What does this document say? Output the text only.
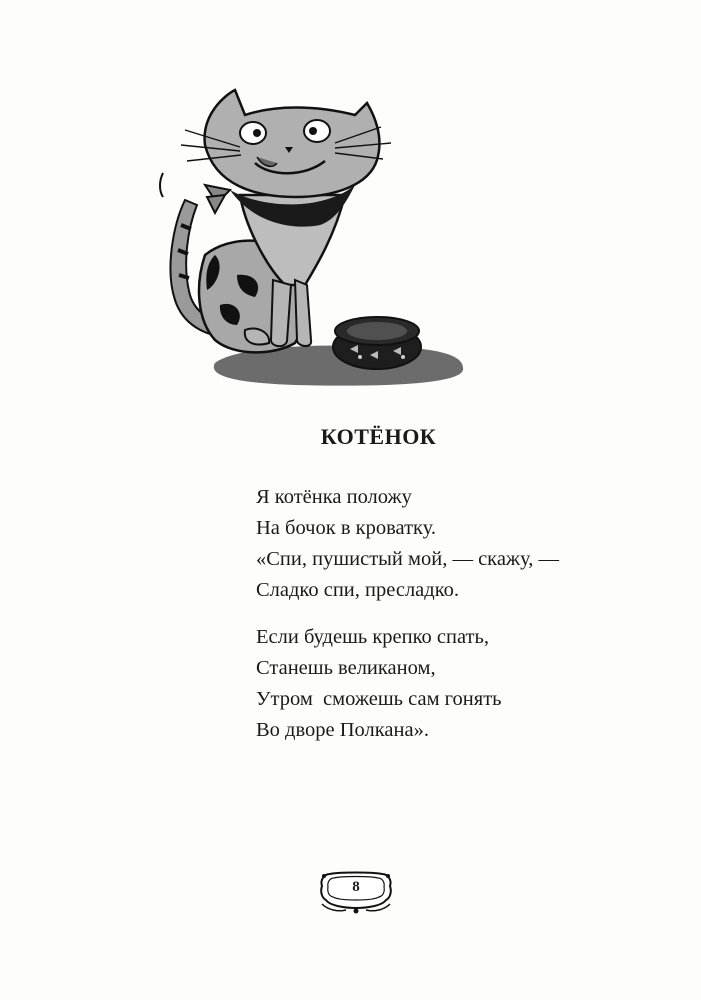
КОТЁНОК
Я котёнка положу
На бочок в кроватку.
«Спи, пушистый мой, — скажу, —
Сладко спи, пресладко.
Если будешь крепко спать,
Станешь великаном,
Утром  сможешь сам гонять
Во дворе Полкана».
8
